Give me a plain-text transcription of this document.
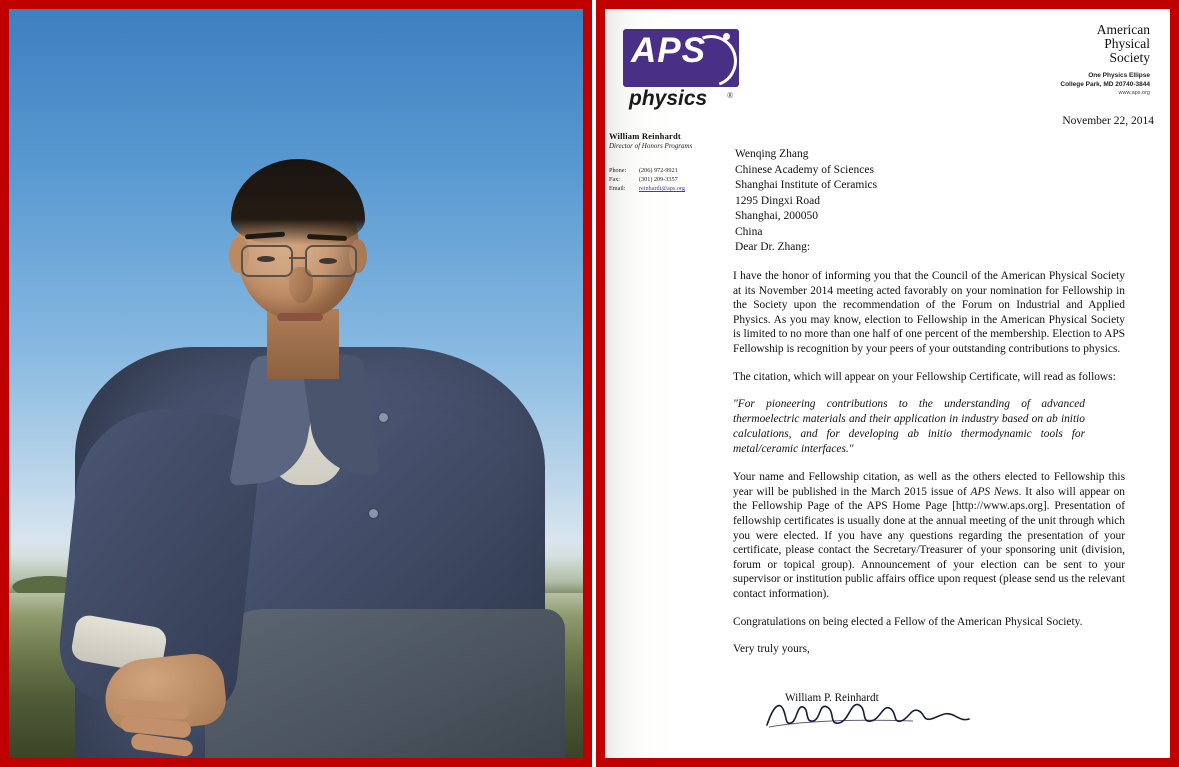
APS
physics ®
American
Physical
Society
One Physics Ellipse
College Park, MD 20740-3844
www.aps.org
William Reinhardt
Director of Honors Programs
Phone:	(206) 972-9921
Fax:	(301) 209-3357
Email:	reinhardt@aps.org
November 22, 2014
Wenqing Zhang
Chinese Academy of Sciences
Shanghai Institute of Ceramics
1295 Dingxi Road
Shanghai, 200050
China
Dear Dr. Zhang:

I have the honor of informing you that the Council of the American Physical Society at its November 2014 meeting acted favorably on your nomination for Fellowship in the Society upon the recommendation of the Forum on Industrial and Applied Physics. As you may know, election to Fellowship in the American Physical Society is limited to no more than one half of one percent of the membership. Election to APS Fellowship is recognition by your peers of your outstanding contributions to physics.

The citation, which will appear on your Fellowship Certificate, will read as follows:

"For pioneering contributions to the understanding of advanced thermoelectric materials and their application in industry based on ab initio calculations, and for developing ab initio thermodynamic tools for metal/ceramic interfaces."

Your name and Fellowship citation, as well as the others elected to Fellowship this year will be published in the March 2015 issue of APS News. It also will appear on the Fellowship Page of the APS Home Page [http://www.aps.org]. Presentation of fellowship certificates is usually done at the annual meeting of the unit through which you were elected. If you have any questions regarding the presentation of your certificate, please contact the Secretary/Treasurer of your sponsoring unit (division, forum or topical group). Announcement of your election can be sent to your supervisor or institution public affairs office upon request (please send us the relevant contact information).

Congratulations on being elected a Fellow of the American Physical Society.

Very truly yours,

William P. Reinhardt
